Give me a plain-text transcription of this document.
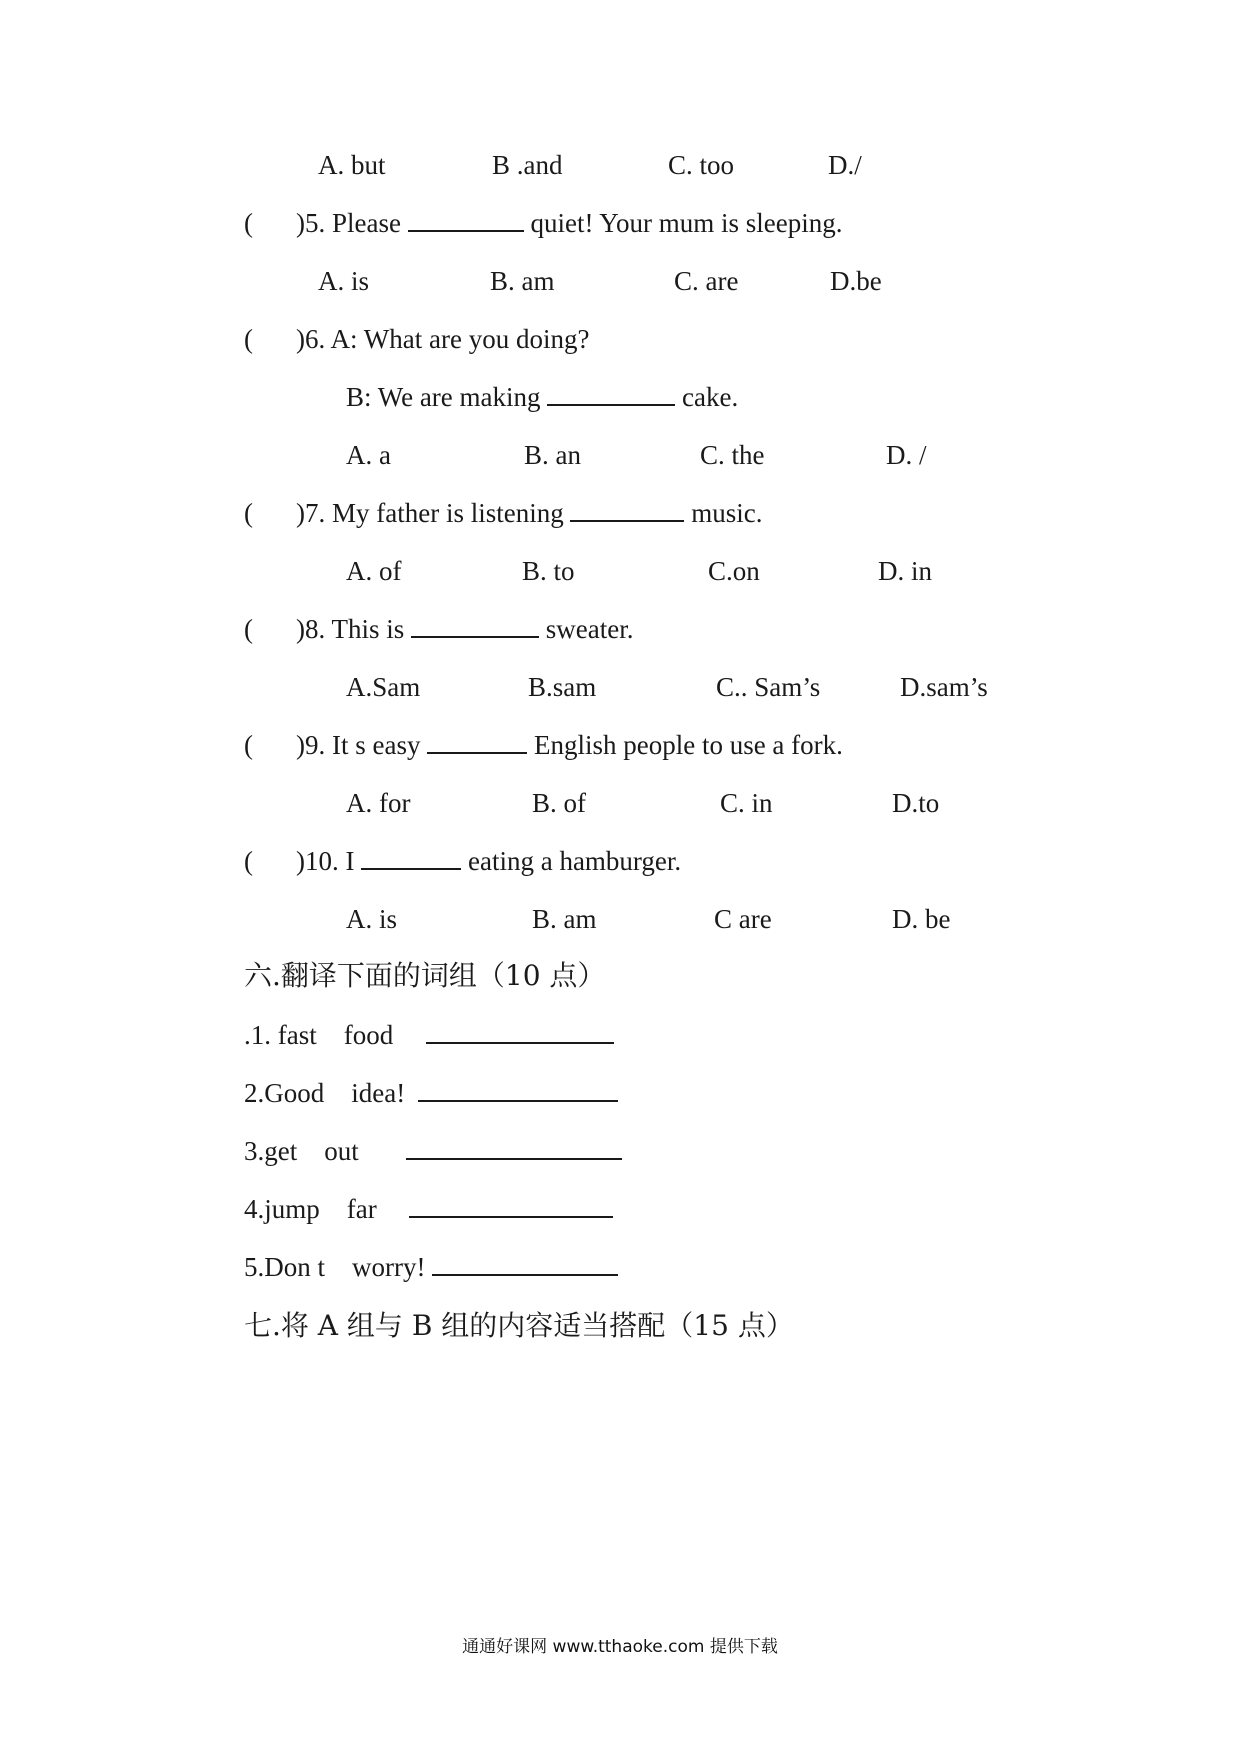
A. but	B .and	C. too	D./
( )5. Please	quiet! Your mum is sleeping.
A. is	B. am	C. are	D.be
( )6. A: What are you doing?
B: We are making	cake.
A. a	B. an	C. the	D. /
( )7. My father is listening	music.
A. of	B. to	C.on	D. in
( )8. This is	sweater.
A.Sam	B.sam	C.. Sam’s	D.sam’s
( )9. It s easy	English people to use a fork.
A. for	B. of	C. in	D.to
( )10. I	eating a hamburger.
A. is	B. am	C are	D. be
六.翻译下面的词组（10 点）
.1. fast    food
2.Good    idea!
3.get    out
4.jump    far
5.Don t    worry!
七.将 A 组与 B 组的内容适当搭配（15 点）
通通好课网 www.tthaoke.com 提供下载
